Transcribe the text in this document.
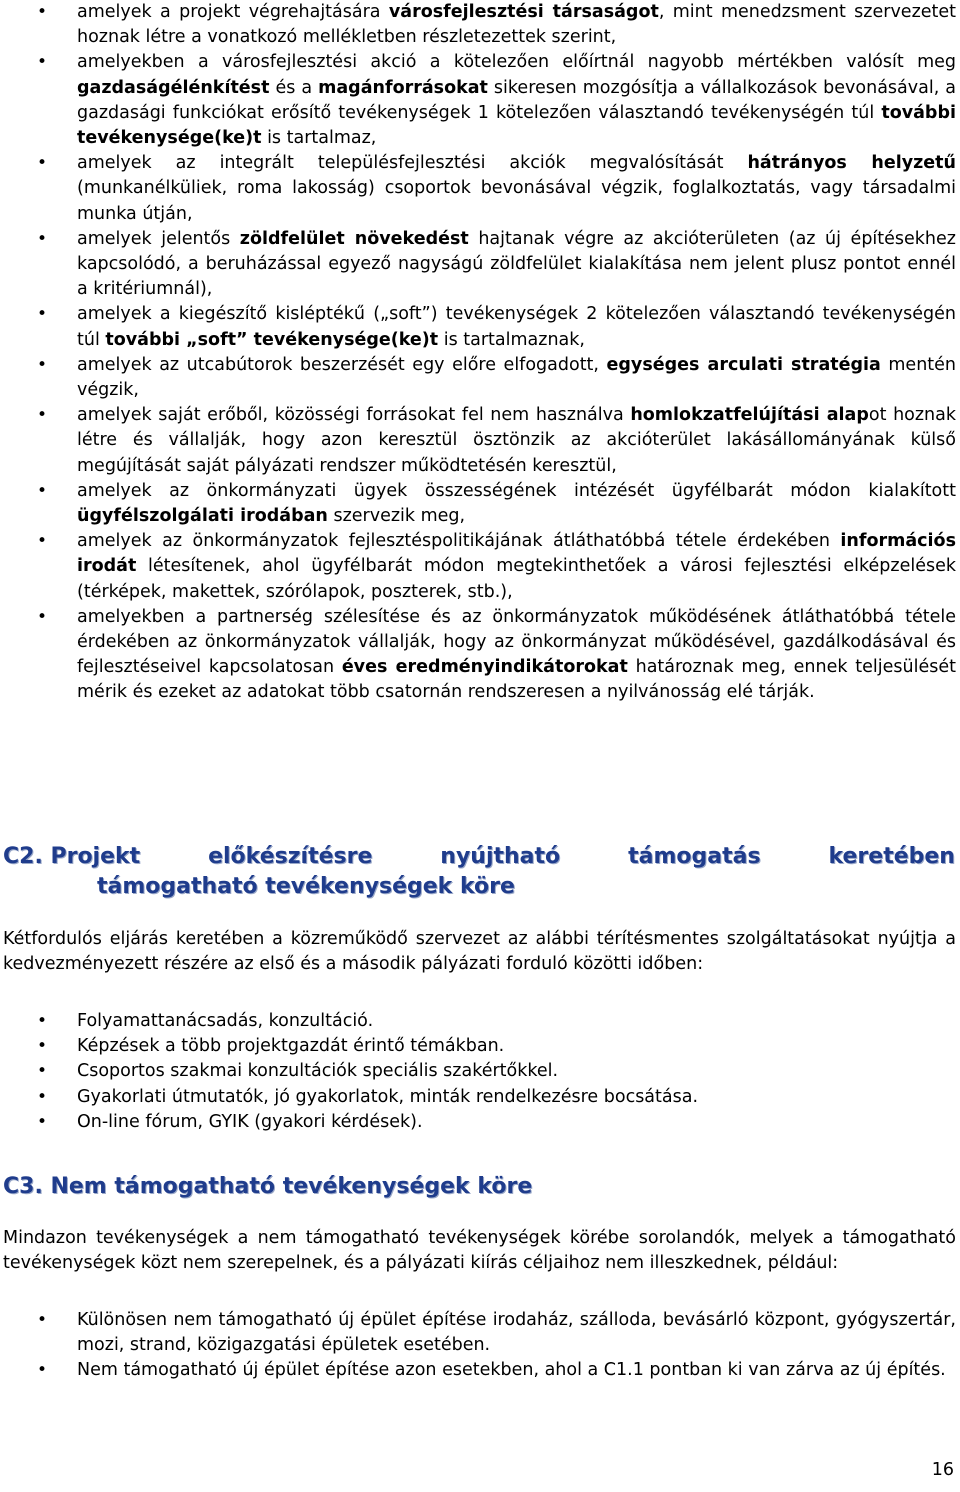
• amelyek a projekt végrehajtására városfejlesztési társaságot, mint menedzsment szervezetet hoznak létre a vonatkozó mellékletben részletezettek szerint,
• amelyekben a városfejlesztési akció a kötelezően előírtnál nagyobb mértékben valósít meg gazdaságélénkítést és a magánforrásokat sikeresen mozgósítja a vállalkozások bevonásával, a gazdasági funkciókat erősítő tevékenységek 1 kötelezően választandó tevékenységén túl további tevékenysége(ke)t is tartalmaz,
• amelyek az integrált településfejlesztési akciók megvalósítását hátrányos helyzetű (munkanélküliek, roma lakosság) csoportok bevonásával végzik, foglalkoztatás, vagy társadalmi munka útján,
• amelyek jelentős zöldfelület növekedést hajtanak végre az akcióterületen (az új építésekhez kapcsolódó, a beruházással egyező nagyságú zöldfelület kialakítása nem jelent plusz pontot ennél a kritériumnál),
• amelyek a kiegészítő kisléptékű („soft”) tevékenységek 2 kötelezően választandó tevékenységén túl további „soft” tevékenysége(ke)t is tartalmaznak,
• amelyek az utcabútorok beszerzését egy előre elfogadott, egységes arculati stratégia mentén végzik,
• amelyek saját erőből, közösségi forrásokat fel nem használva homlokzatfelújítási alapot hoznak létre és vállalják, hogy azon keresztül ösztönzik az akcióterület lakásállományának külső megújítását saját pályázati rendszer működtetésén keresztül,
• amelyek az önkormányzati ügyek összességének intézését ügyfélbarát módon kialakított ügyfélszolgálati irodában szervezik meg,
• amelyek az önkormányzatok fejlesztéspolitikájának átláthatóbbá tétele érdekében információs irodát létesítenek, ahol ügyfélbarát módon megtekinthetőek a városi fejlesztési elképzelések (térképek, makettek, szórólapok, poszterek, stb.),
• amelyekben a partnerség szélesítése és az önkormányzatok működésének átláthatóbbá tétele érdekében az önkormányzatok vállalják, hogy az önkormányzat működésével, gazdálkodásával és fejlesztéseivel kapcsolatosan éves eredményindikátorokat határoznak meg, ennek teljesülését mérik és ezeket az adatokat több csatornán rendszeresen a nyilvánosság elé tárják.
C2. Projekt	előkészítésre	nyújtható	támogatás	keretében
támogatható tevékenységek köre
Kétfordulós eljárás keretében a közreműködő szervezet az alábbi térítésmentes szolgáltatásokat nyújtja a kedvezményezett részére az első és a második pályázati forduló közötti időben:
• Folyamattanácsadás, konzultáció.
• Képzések a több projektgazdát érintő témákban.
• Csoportos szakmai konzultációk speciális szakértőkkel.
• Gyakorlati útmutatók, jó gyakorlatok, minták rendelkezésre bocsátása.
• On-line fórum, GYIK (gyakori kérdések).
C3. Nem támogatható tevékenységek köre
Mindazon tevékenységek a nem támogatható tevékenységek körébe sorolandók, melyek a támogatható tevékenységek közt nem szerepelnek, és a pályázati kiírás céljaihoz nem illeszkednek, például:
• Különösen nem támogatható új épület építése irodaház, szálloda, bevásárló központ, gyógyszertár, mozi, strand, közigazgatási épületek esetében.
• Nem támogatható új épület építése azon esetekben, ahol a C1.1 pontban ki van zárva az új építés.
16
